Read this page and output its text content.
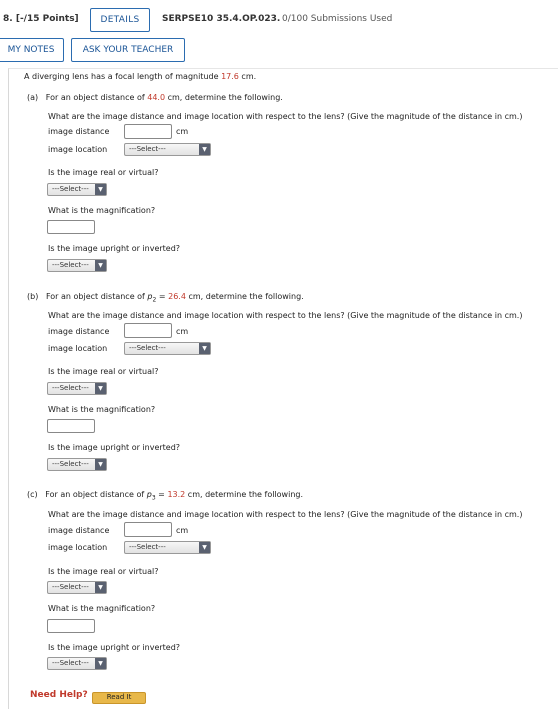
8. [-/15 Points]	DETAILS	SERPSE10 35.4.OP.023. 0/100 Submissions Used
MY NOTES	ASK YOUR TEACHER
A diverging lens has a focal length of magnitude 17.6 cm.
(a) For an object distance of 44.0 cm, determine the following.
What are the image distance and image location with respect to the lens? (Give the magnitude of the distance in cm.)
image distance	cm
image location	---Select---	▼
Is the image real or virtual?
---Select---	▼
What is the magnification?
Is the image upright or inverted?
---Select---	▼
(b) For an object distance of $p_2 = 26.4$ cm, determine the following.
What are the image distance and image location with respect to the lens? (Give the magnitude of the distance in cm.)
image distance	cm
image location	---Select---	▼
Is the image real or virtual?
---Select---	▼
What is the magnification?
Is the image upright or inverted?
---Select---	▼
(c) For an object distance of $p_3 = 13.2$ cm, determine the following.
What are the image distance and image location with respect to the lens? (Give the magnitude of the distance in cm.)
image distance	cm
image location	---Select---	▼
Is the image real or virtual?
---Select---	▼
What is the magnification?
Is the image upright or inverted?
---Select---	▼
Need Help?	Read It
